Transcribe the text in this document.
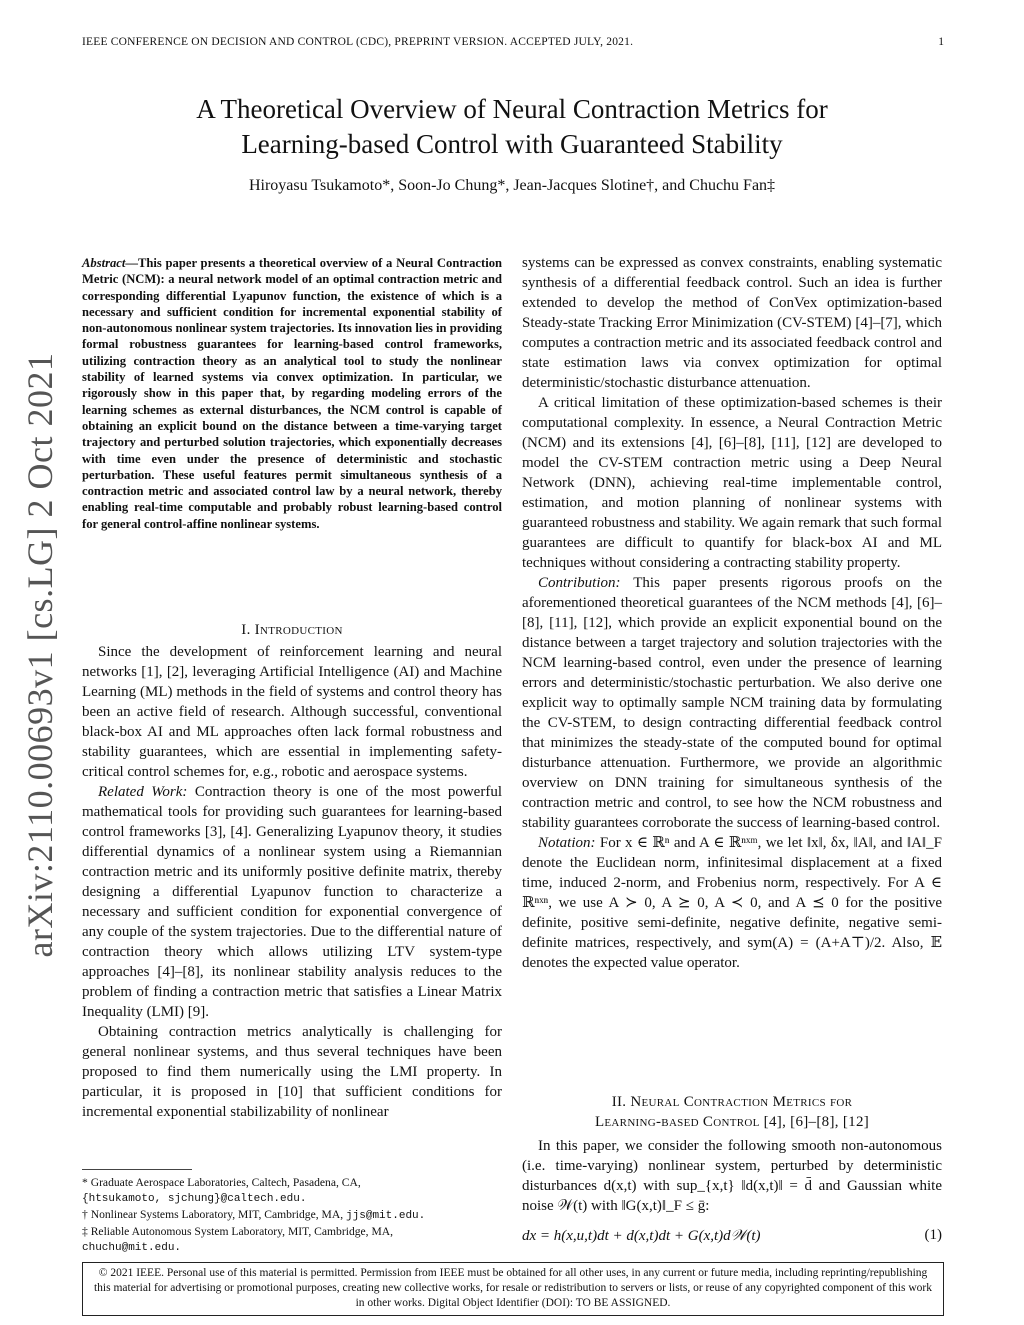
IEEE CONFERENCE ON DECISION AND CONTROL (CDC), PREPRINT VERSION. ACCEPTED JULY, 2021.	1
A Theoretical Overview of Neural Contraction Metrics for
Learning-based Control with Guaranteed Stability
Hiroyasu Tsukamoto*, Soon-Jo Chung*, Jean-Jacques Slotine†, and Chuchu Fan‡
arXiv:2110.00693v1 [cs.LG] 2 Oct 2021
Abstract—This paper presents a theoretical overview of a Neural Contraction Metric (NCM): a neural network model of an optimal contraction metric and corresponding differential Lyapunov function, the existence of which is a necessary and sufficient condition for incremental exponential stability of non-autonomous nonlinear system trajectories. Its innovation lies in providing formal robustness guarantees for learning-based control frameworks, utilizing contraction theory as an analytical tool to study the nonlinear stability of learned systems via convex optimization. In particular, we rigorously show in this paper that, by regarding modeling errors of the learning schemes as external disturbances, the NCM control is capable of obtaining an explicit bound on the distance between a time-varying target trajectory and perturbed solution trajectories, which exponentially decreases with time even under the presence of deterministic and stochastic perturbation. These useful features permit simultaneous synthesis of a contraction metric and associated control law by a neural network, thereby enabling real-time computable and probably robust learning-based control for general control-affine nonlinear systems.
I. Introduction

Since the development of reinforcement learning and neural networks [1], [2], leveraging Artificial Intelligence (AI) and Machine Learning (ML) methods in the field of systems and control theory has been an active field of research. Although successful, conventional black-box AI and ML approaches often lack formal robustness and stability guarantees, which are essential in implementing safety-critical control schemes for, e.g., robotic and aerospace systems.

Related Work: Contraction theory is one of the most powerful mathematical tools for providing such guarantees for learning-based control frameworks [3], [4]. Generalizing Lyapunov theory, it studies differential dynamics of a nonlinear system using a Riemannian contraction metric and its uniformly positive definite matrix, thereby designing a differential Lyapunov function to characterize a necessary and sufficient condition for exponential convergence of any couple of the system trajectories. Due to the differential nature of contraction theory which allows utilizing LTV system-type approaches [4]–[8], its nonlinear stability analysis reduces to the problem of finding a contraction metric that satisfies a Linear Matrix Inequality (LMI) [9].

Obtaining contraction metrics analytically is challenging for general nonlinear systems, and thus several techniques have been proposed to find them numerically using the LMI property. In particular, it is proposed in [10] that sufficient conditions for incremental exponential stabilizability of nonlinear

* Graduate Aerospace Laboratories, Caltech, Pasadena, CA,
{htsukamoto, sjchung}@caltech.edu.
† Nonlinear Systems Laboratory, MIT, Cambridge, MA, jjs@mit.edu.
‡ Reliable Autonomous System Laboratory, MIT, Cambridge, MA,
chuchu@mit.edu.

systems can be expressed as convex constraints, enabling systematic synthesis of a differential feedback control. Such an idea is further extended to develop the method of ConVex optimization-based Steady-state Tracking Error Minimization (CV-STEM) [4]–[7], which computes a contraction metric and its associated feedback control and state estimation laws via convex optimization for optimal deterministic/stochastic disturbance attenuation.

A critical limitation of these optimization-based schemes is their computational complexity. In essence, a Neural Contraction Metric (NCM) and its extensions [4], [6]–[8], [11], [12] are developed to model the CV-STEM contraction metric using a Deep Neural Network (DNN), achieving real-time implementable control, estimation, and motion planning of nonlinear systems with guaranteed robustness and stability. We again remark that such formal guarantees are difficult to quantify for black-box AI and ML techniques without considering a contracting stability property.

Contribution: This paper presents rigorous proofs on the aforementioned theoretical guarantees of the NCM methods [4], [6]–[8], [11], [12], which provide an explicit exponential bound on the distance between a target trajectory and solution trajectories with the NCM learning-based control, even under the presence of learning errors and deterministic/stochastic perturbation. We also derive one explicit way to optimally sample NCM training data by formulating the CV-STEM, to design contracting differential feedback control that minimizes the steady-state of the computed bound for optimal disturbance attenuation. Furthermore, we provide an algorithmic overview on DNN training for simultaneous synthesis of the contraction metric and control, to see how the NCM robustness and stability guarantees corroborate the success of learning-based control.

Notation: For x ∈ ℝⁿ and A ∈ ℝⁿˣᵐ, we let ‖x‖, δx, ‖A‖, and ‖A‖_F denote the Euclidean norm, infinitesimal displacement at a fixed time, induced 2-norm, and Frobenius norm, respectively. For A ∈ ℝⁿˣⁿ, we use A ≻ 0, A ⪰ 0, A ≺ 0, and A ⪯ 0 for the positive definite, positive semi-definite, negative definite, negative semi-definite matrices, respectively, and sym(A) = (A+A⊤)/2. Also, 𝔼 denotes the expected value operator.

II. Neural Contraction Metrics for
Learning-based Control [4], [6]–[8], [12]

In this paper, we consider the following smooth non-autonomous (i.e. time-varying) nonlinear system, perturbed by deterministic disturbances d(x,t) with sup_{x,t} ‖d(x,t)‖ = d̄ and Gaussian white noise 𝒲(t) with ‖G(x,t)‖_F ≤ ḡ:

dx = h(x,u,t)dt + d(x,t)dt + G(x,t)d𝒲(t)	(1)
© 2021 IEEE. Personal use of this material is permitted. Permission from IEEE must be obtained for all other uses, in any current or future media, including reprinting/republishing this material for advertising or promotional purposes, creating new collective works, for resale or redistribution to servers or lists, or reuse of any copyrighted component of this work in other works. Digital Object Identifier (DOI): TO BE ASSIGNED.
